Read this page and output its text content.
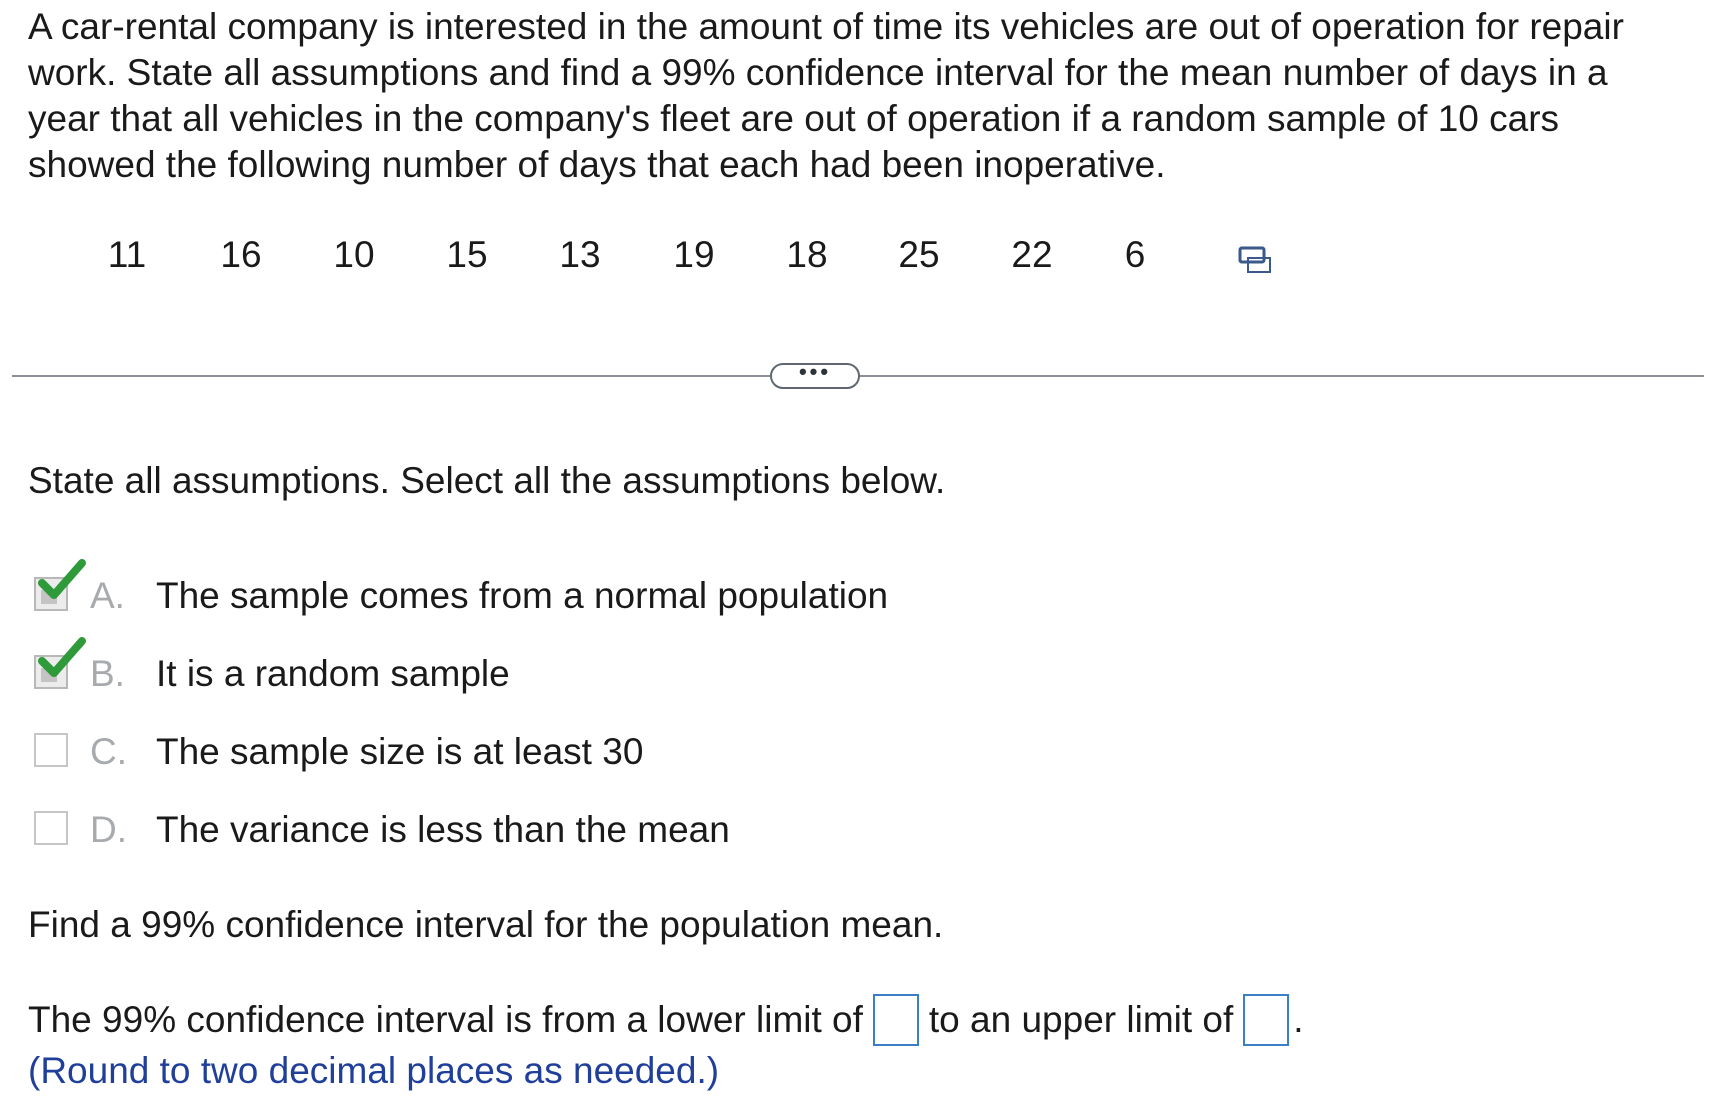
A car-rental company is interested in the amount of time its vehicles are out of operation for repair work. State all assumptions and find a 99% confidence interval for the mean number of days in a year that all vehicles in the company's fleet are out of operation if a random sample of 10 cars showed the following number of days that each had been inoperative.
11 16 10 15 13 19 18 25 22 6
•••
State all assumptions. Select all the assumptions below.
A. The sample comes from a normal population
B. It is a random sample
C. The sample size is at least 30
D. The variance is less than the mean
Find a 99% confidence interval for the population mean.
The 99% confidence interval is from a lower limit of to an upper limit of .
(Round to two decimal places as needed.)
